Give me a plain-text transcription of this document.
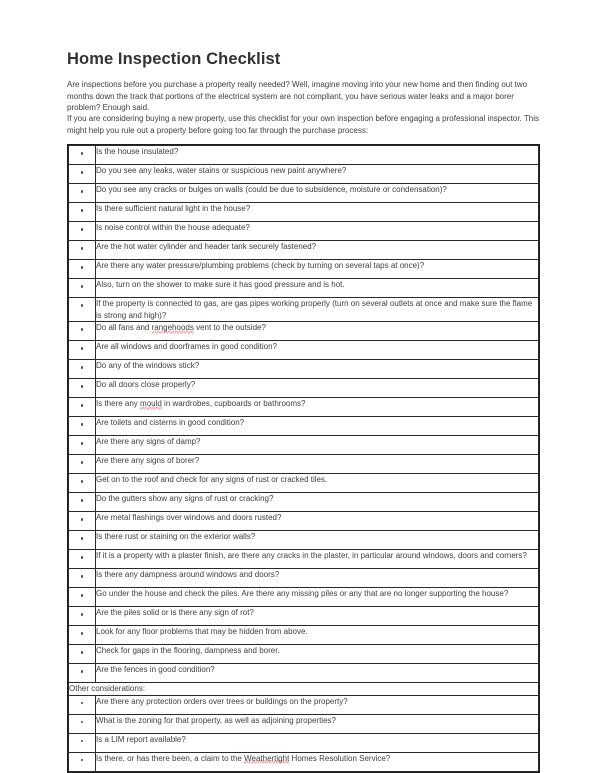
Home Inspection Checklist

Are inspections before you purchase a property really needed? Well, imagine moving into your new home and then finding out two months down the track that portions of the electrical system are not compliant, you have serious water leaks and a major borer problem? Enough said.

If you are considering buying a new property, use this checklist for your own inspection before engaging a professional inspector. This might help you rule out a property before going too far through the purchase process:

	Is the house insulated?
	Do you see any leaks, water stains or suspicious new paint anywhere?
	Do you see any cracks or bulges on walls (could be due to subsidence, moisture or condensation)?
	Is there sufficient natural light in the house?
	Is noise control within the house adequate?
	Are the hot water cylinder and header tank securely fastened?
	Are there any water pressure/plumbing problems (check by turning on several taps at once)?
	Also, turn on the shower to make sure it has good pressure and is hot.
	If the property is connected to gas, are gas pipes working properly (turn on several outlets at once and make sure the flame is strong and high)?
	Do all fans and rangehoods vent to the outside?
	Are all windows and doorframes in good condition?
	Do any of the windows stick?
	Do all doors close properly?
	Is there any mould in wardrobes, cupboards or bathrooms?
	Are toilets and cisterns in good condition?
	Are there any signs of damp?
	Are there any signs of borer?
	Get on to the roof and check for any signs of rust or cracked tiles.
	Do the gutters show any signs of rust or cracking?
	Are metal flashings over windows and doors rusted?
	Is there rust or staining on the exterior walls?
	If it is a property with a plaster finish, are there any cracks in the plaster, in particular around windows, doors and corners?
	Is there any dampness around windows and doors?
	Go under the house and check the piles. Are there any missing piles or any that are no longer supporting the house?
	Are the piles solid or is there any sign of rot?
	Look for any floor problems that may be hidden from above.
	Check for gaps in the flooring, dampness and borer.
	Are the fences in good condition?
Other considerations:	
	Are there any protection orders over trees or buildings on the property?
	What is the zoning for that property, as well as adjoining properties?
	Is a LIM report available?
	Is there, or has there been, a claim to the Weathertight Homes Resolution Service?
